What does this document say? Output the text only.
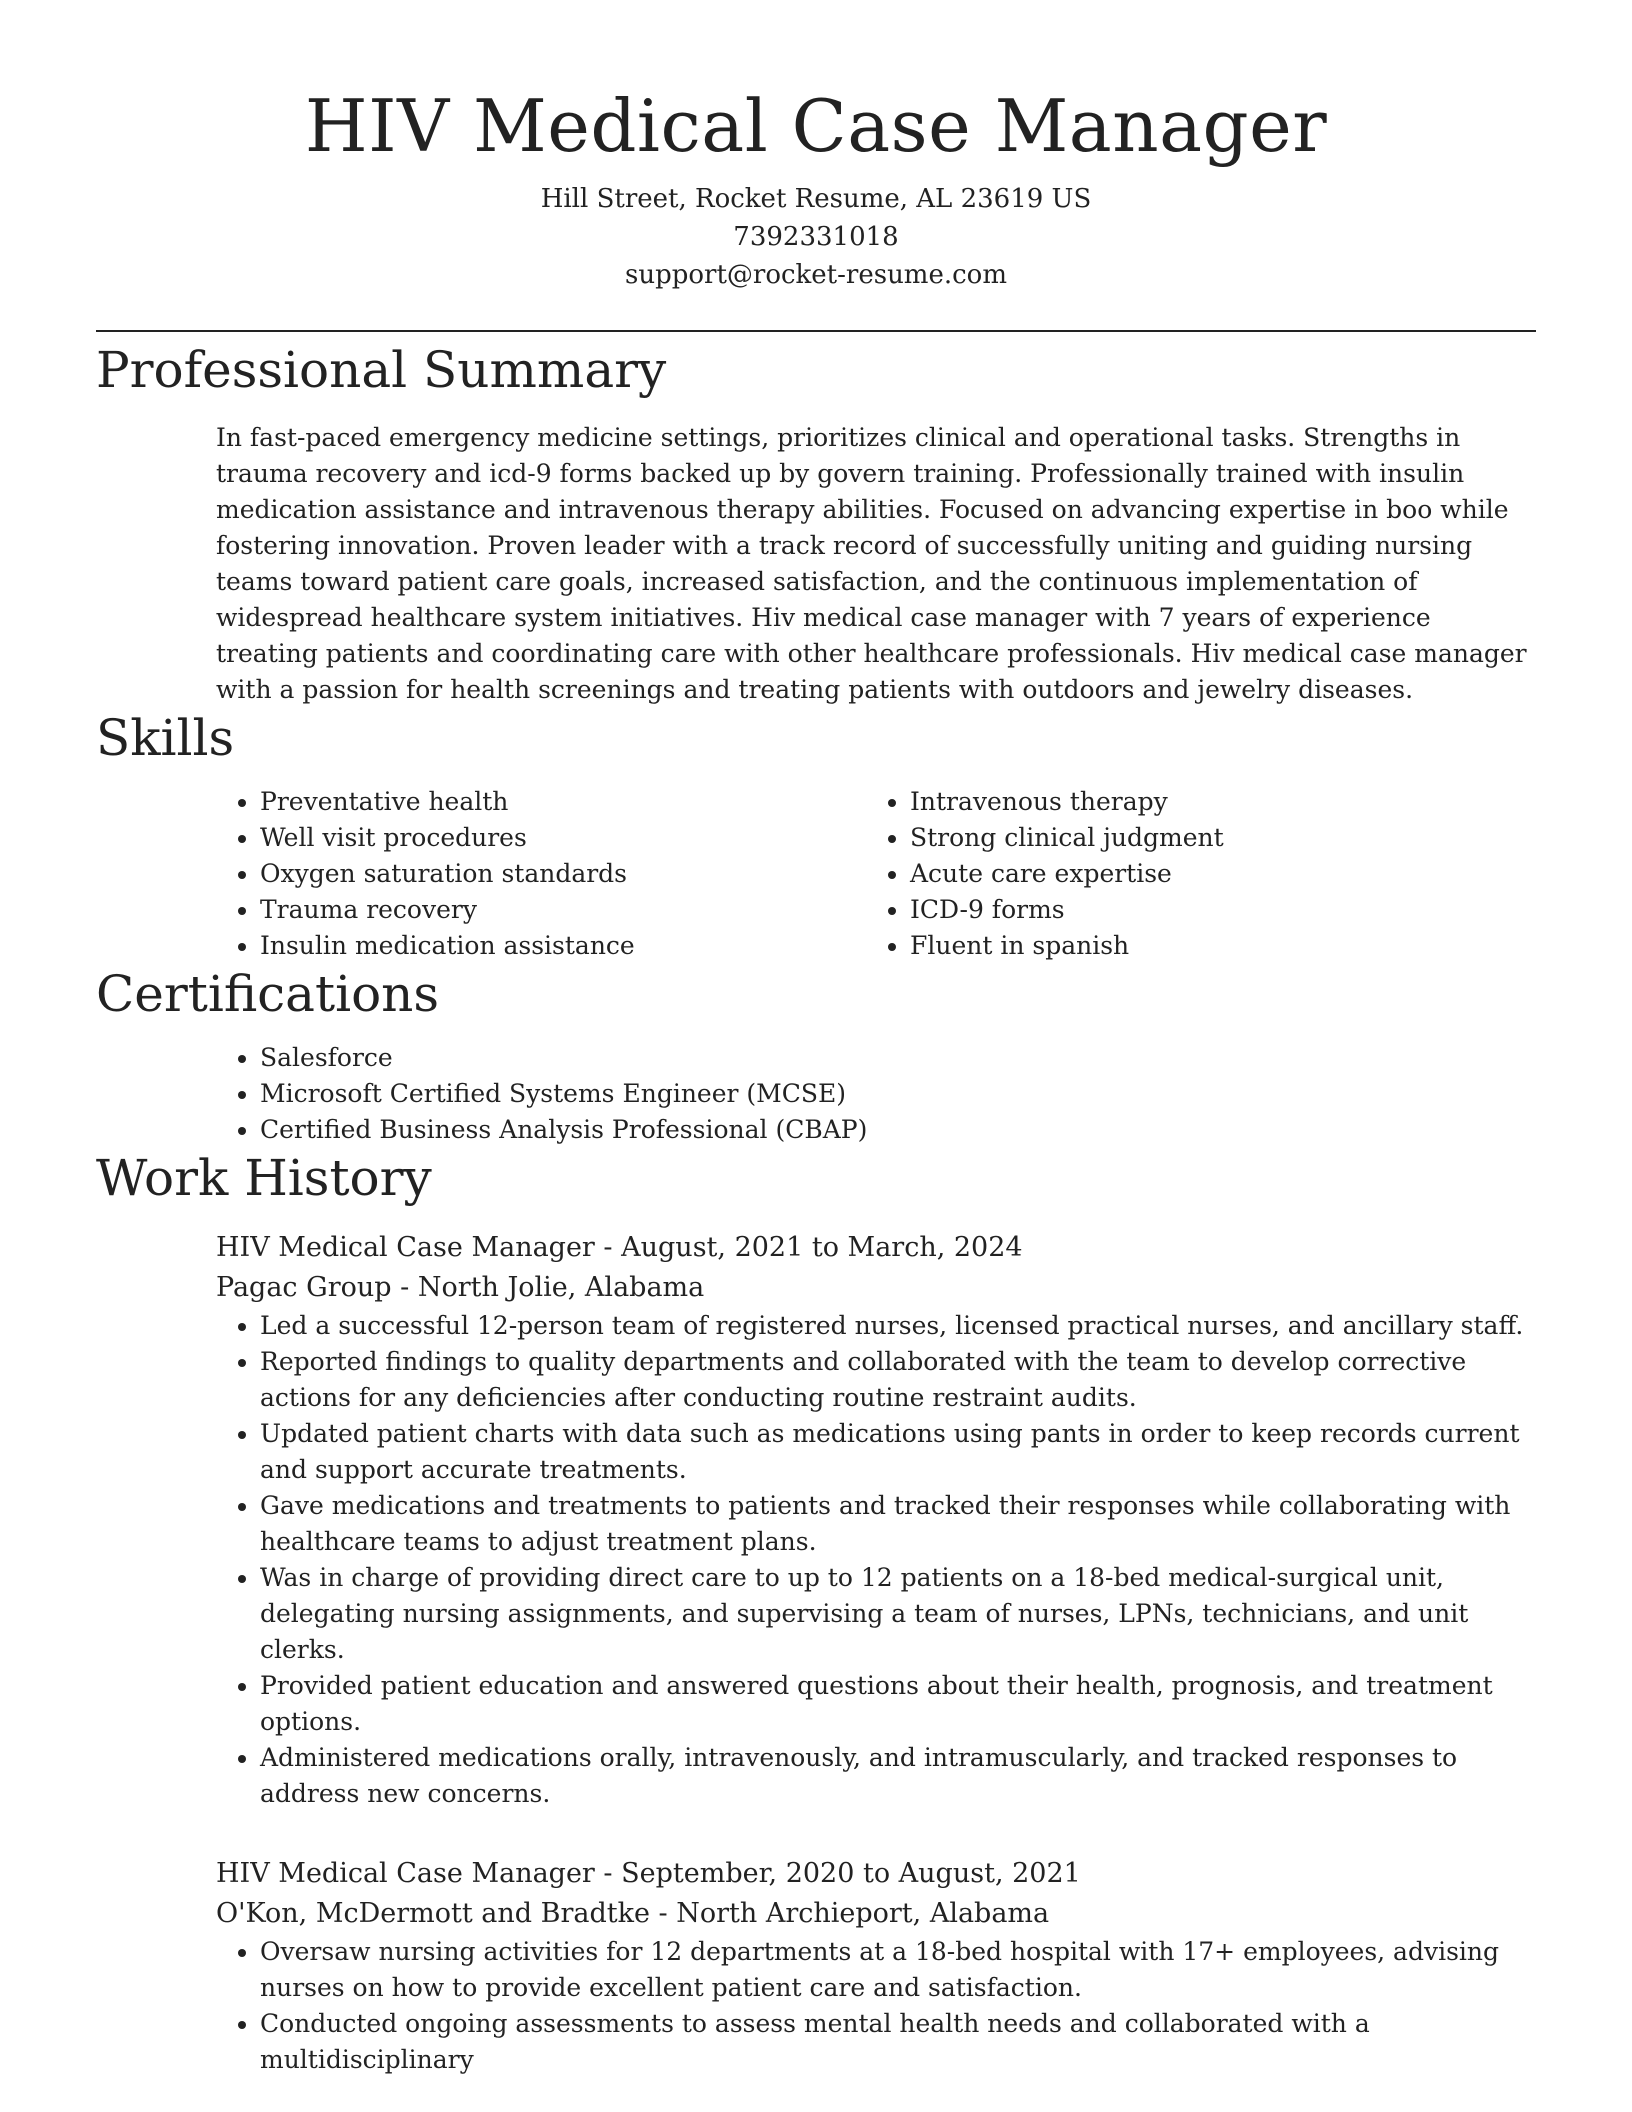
HIV Medical Case Manager
Hill Street, Rocket Resume, AL 23619 US
7392331018
support@rocket-resume.com
Professional Summary

In fast-paced emergency medicine settings, prioritizes clinical and operational tasks. Strengths in trauma recovery and icd-9 forms backed up by govern training. Professionally trained with insulin medication assistance and intravenous therapy abilities. Focused on advancing expertise in boo while fostering innovation. Proven leader with a track record of successfully uniting and guiding nursing teams toward patient care goals, increased satisfaction, and the continuous implementation of widespread healthcare system initiatives. Hiv medical case manager with 7 years of experience treating patients and coordinating care with other healthcare professionals. Hiv medical case manager with a passion for health screenings and treating patients with outdoors and jewelry diseases.

Skills
• Preventative health
• Well visit procedures
• Oxygen saturation standards
• Trauma recovery
• Insulin medication assistance
• Intravenous therapy
• Strong clinical judgment
• Acute care expertise
• ICD-9 forms
• Fluent in spanish
Certifications
• Salesforce
• Microsoft Certified Systems Engineer (MCSE)
• Certified Business Analysis Professional (CBAP)
Work History
HIV Medical Case Manager - August, 2021 to March, 2024
Pagac Group - North Jolie, Alabama
• Led a successful 12-person team of registered nurses, licensed practical nurses, and ancillary staff.
• Reported findings to quality departments and collaborated with the team to develop corrective actions for any deficiencies after conducting routine restraint audits.
• Updated patient charts with data such as medications using pants in order to keep records current and support accurate treatments.
• Gave medications and treatments to patients and tracked their responses while collaborating with healthcare teams to adjust treatment plans.
• Was in charge of providing direct care to up to 12 patients on a 18-bed medical-surgical unit, delegating nursing assignments, and supervising a team of nurses, LPNs, technicians, and unit clerks.
• Provided patient education and answered questions about their health, prognosis, and treatment options.
• Administered medications orally, intravenously, and intramuscularly, and tracked responses to address new concerns.
HIV Medical Case Manager - September, 2020 to August, 2021
O'Kon, McDermott and Bradtke - North Archieport, Alabama
• Oversaw nursing activities for 12 departments at a 18-bed hospital with 17+ employees, advising nurses on how to provide excellent patient care and satisfaction.
• Conducted ongoing assessments to assess mental health needs and collaborated with a multidisciplinary
